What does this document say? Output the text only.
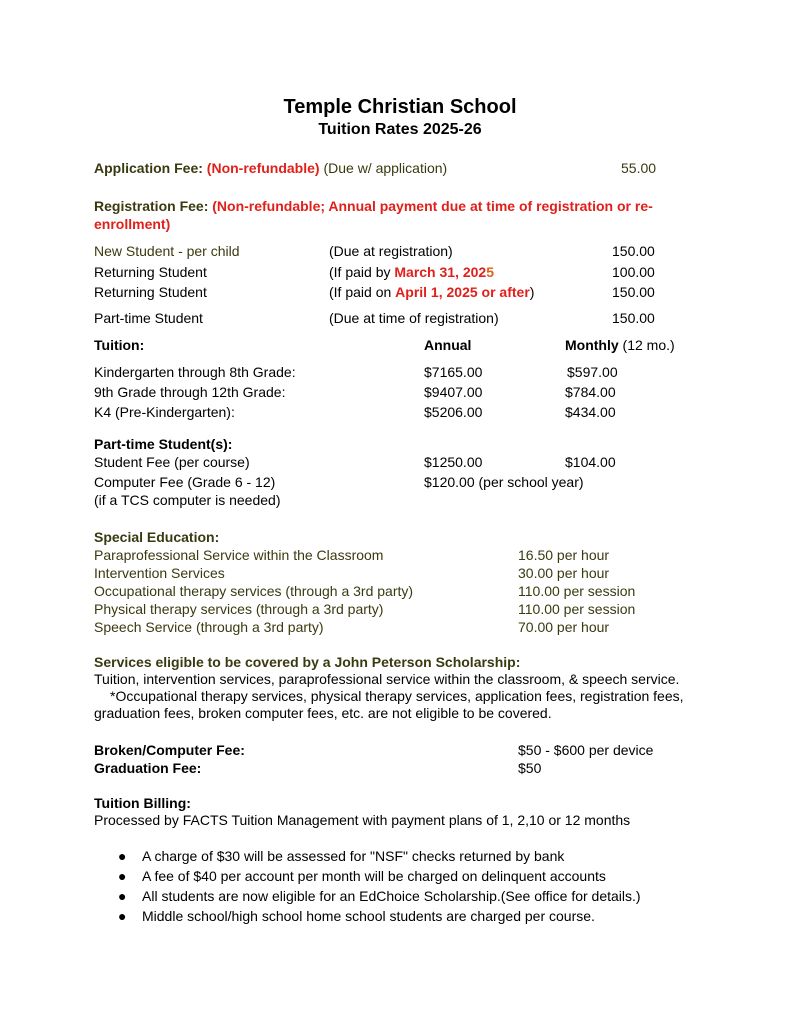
Temple Christian School
Tuition Rates 2025-26
Application Fee: (Non-refundable) (Due w/ application)	55.00
Registration Fee: (Non-refundable; Annual payment due at time of registration or re-enrollment)
New Student - per child	(Due at registration)	150.00
Returning Student	(If paid by March 31, 2025	100.00
Returning Student	(If paid on April 1, 2025 or after)	150.00
Part-time Student	(Due at time of registration)	150.00
Tuition:	Annual	Monthly (12 mo.)
Kindergarten through 8th Grade:	$7165.00	$597.00
9th Grade through 12th Grade:	$9407.00	$784.00
K4 (Pre-Kindergarten):	$5206.00	$434.00
Part-time Student(s):
Student Fee (per course)	$1250.00	$104.00
Computer Fee (Grade 6 - 12)	$120.00 (per school year)
(if a TCS computer is needed)
Special Education:
Paraprofessional Service within the Classroom	16.50 per hour
Intervention Services	30.00 per hour
Occupational therapy services (through a 3rd party)	110.00 per session
Physical therapy services (through a 3rd party)	110.00 per session
Speech Service (through a 3rd party)	70.00 per hour
Services eligible to be covered by a John Peterson Scholarship:
Tuition, intervention services, paraprofessional service within the classroom, & speech service.
*Occupational therapy services, physical therapy services, application fees, registration fees, graduation fees, broken computer fees, etc. are not eligible to be covered.
Broken/Computer Fee:	$50 - $600 per device
Graduation Fee:	$50
Tuition Billing:
Processed by FACTS Tuition Management with payment plans of 1, 2,10 or 12 months
● A charge of $30 will be assessed for "NSF" checks returned by bank
● A fee of $40 per account per month will be charged on delinquent accounts
● All students are now eligible for an EdChoice Scholarship.(See office for details.)
● Middle school/high school home school students are charged per course.
